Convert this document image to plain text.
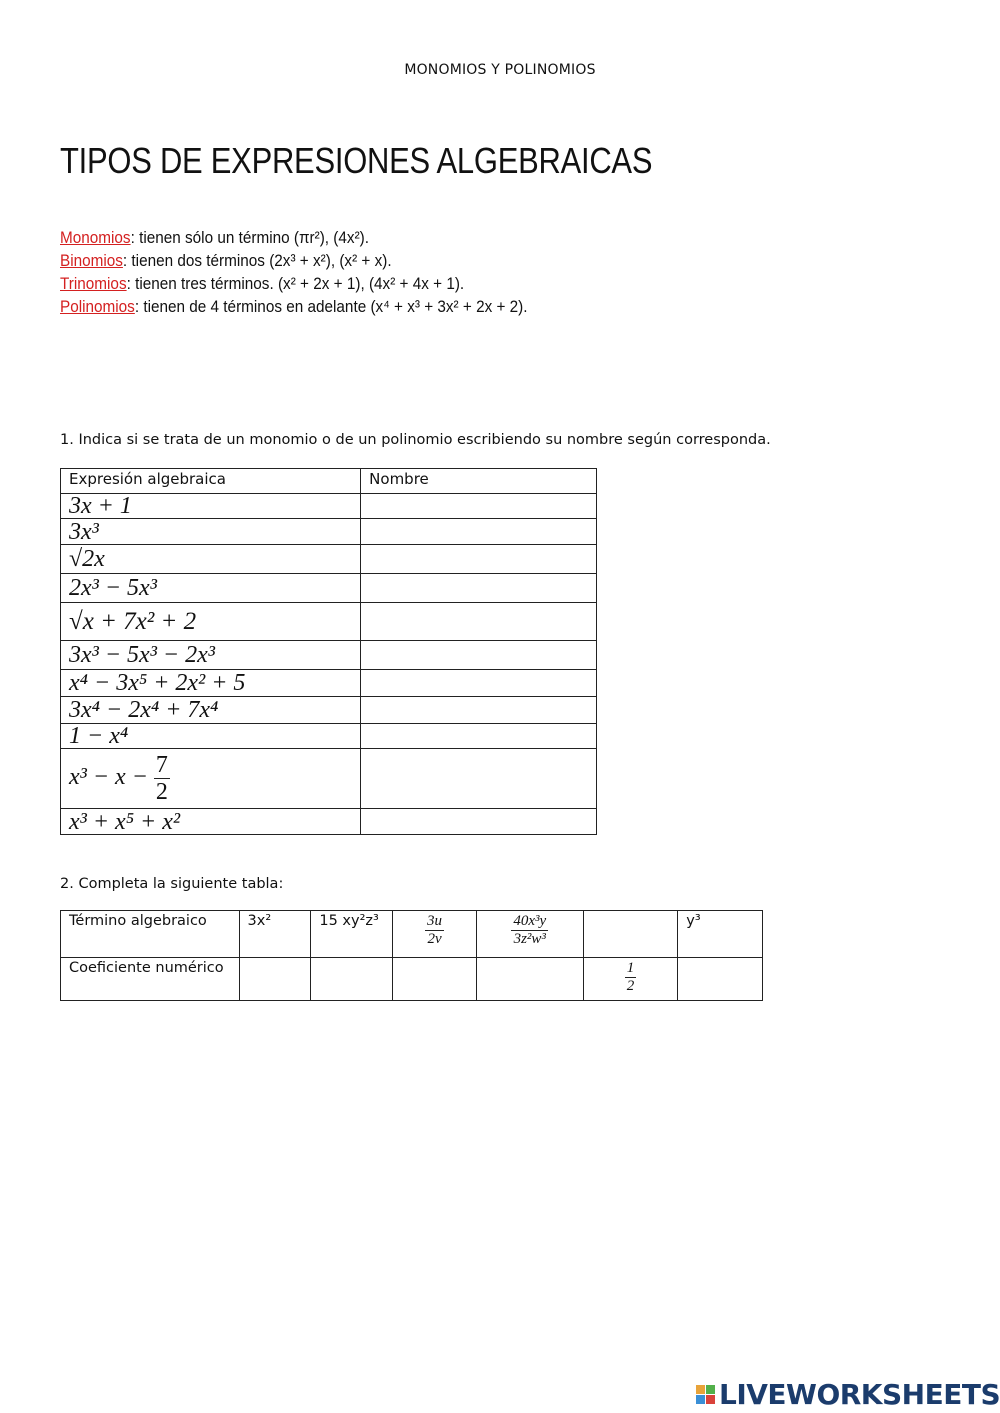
MONOMIOS Y POLINOMIOS
TIPOS DE EXPRESIONES ALGEBRAICAS
Monomios: tienen sólo un término (πr²), (4x²).
Binomios: tienen dos términos (2x³ + x²), (x² + x).
Trinomios: tienen tres términos. (x² + 2x + 1), (4x² + 4x + 1).
Polinomios: tienen de 4 términos en adelante (x⁴ + x³ + 3x² + 2x + 2).
1. Indica si se trata de un monomio o de un polinomio escribiendo su nombre según corresponda.
Expresión algebraica	Nombre
3x + 1	
3x³	
√2x	
2x³ − 5x³	
√x + 7x² + 2	
3x³ − 5x³ − 2x³	
x⁴ − 3x⁵ + 2x² + 5	
3x⁴ − 2x⁴ + 7x⁴	
1 − x⁴	
$x^3 - x - \frac{7}{2}$

x³ + x⁵ + x²	
2. Completa la siguiente tabla:
Término algebraico	3x²	15 xy²z³	$\frac{3u}{2v}$	$\frac{\text{40x³y}}{\text{3z²w³}}$		y³
Coeficiente numérico					$\frac{1}{2}$

LIVEWORKSHEETS
